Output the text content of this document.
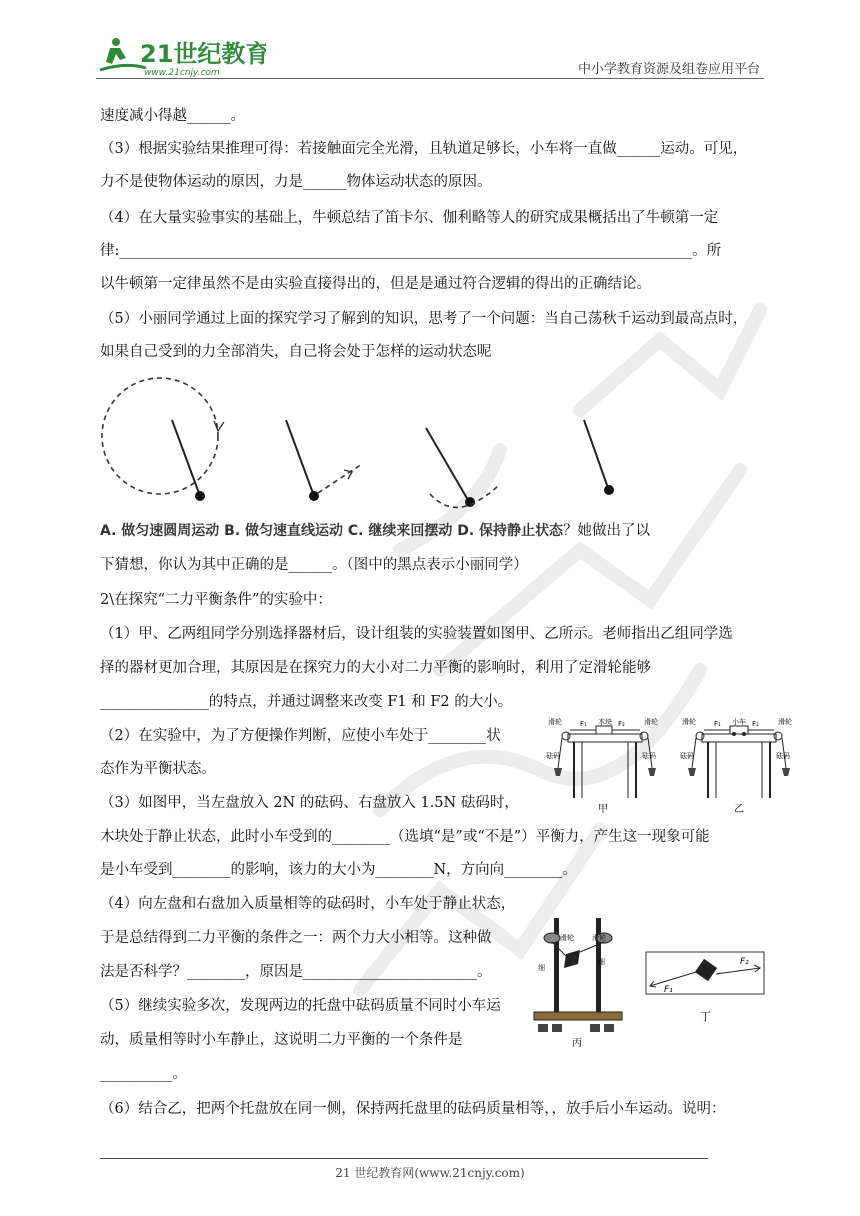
21世纪教育
www.21cnjy.com	中小学教育资源及组卷应用平台
速度减小得越______。
（3）根据实验结果推理可得：若接触面完全光滑，且轨道足够长，小车将一直做______运动。可见，
力不是使物体运动的原因，力是______物体运动状态的原因。
（4）在大量实验事实的基础上，牛顿总结了笛卡尔、伽利略等人的研究成果概括出了牛顿第一定
律:_______________________________________________________________________________。所
以牛顿第一定律虽然不是由实验直接得出的，但是是通过符合逻辑的得出的正确结论。
（5）小丽同学通过上面的探究学习了解到的知识，思考了一个问题：当自己荡秋千运动到最高点时，
如果自己受到的力全部消失，自己将会处于怎样的运动状态呢
A. 做匀速圆周运动 B. 做匀速直线运动 C. 继续来回摆动 D. 保持静止状态？她做出了以
下猜想，你认为其中正确的是______。（图中的黑点表示小丽同学）
2\在探究“二力平衡条件”的实验中：
（1）甲、乙两组同学分别选择器材后，设计组装的实验装置如图甲、乙所示。老师指出乙组同学选
择的器材更加合理，其原因是在探究力的大小对二力平衡的影响时，利用了定滑轮能够
_______________的特点，并通过调整来改变 F1 和 F2 的大小。
（2）在实验中，为了方便操作判断，应使小车处于________状
态作为平衡状态。
（3）如图甲，当左盘放入 2N 的砝码、右盘放入 1.5N 砝码时，
木块处于静止状态，此时小车受到的________（选填“是”或“不是”）平衡力，产生这一现象可能
是小车受到________的影响，该力的大小为________N，方向向________。
（4）向左盘和右盘加入质量相等的砝码时，小车处于静止状态，
于是总结得到二力平衡的条件之一：两个力大小相等。这种做
法是否科学？________，原因是________________________。
（5）继续实验多次，发现两边的托盘中砝码质量不同时小车运
动，质量相等时小车静止，这说明二力平衡的一个条件是
__________。
（6）结合乙，把两个托盘放在同一侧，保持两托盘里的砝码质量相等，，放手后小车运动。说明：
滑轮	滑轮
木块
F₁	F₂
砝码	砝码
甲
滑轮	滑轮
小车
F₁	F₂
砝码	砝码
乙
滑轮	滑轮
细
细
丙
F₁
F₂
丁
21 世纪教育网(www.21cnjy.com)
